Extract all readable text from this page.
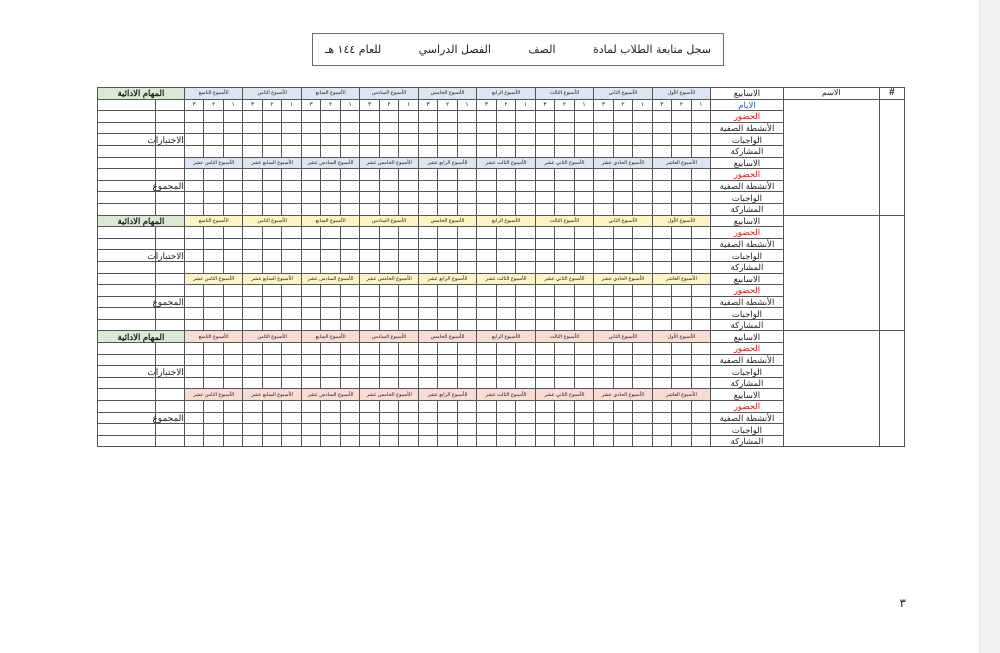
سجل متابعة الطلاب لمادة
الصف
الفصل الدراسي
للعام ١٤٤ هـ
#	الاسم	الاسابيع	الأسبوع الأول			الأسبوع الثاني			الأسبوع الثالث			الأسبوع الرابع			الأسبوع الخامس			الأسبوع السادس			الأسبوع السابع			الأسبوع الثامن			الأسبوع التاسع			المهام الادائية	
		الايام	١	٢	٣	١	٢	٣	١	٢	٣	١	٢	٣	١	٢	٣	١	٢	٣	١	٢	٣	١	٢	٣	١	٢	٣		
		الحضور																													
		الأنشطة الصفية																													
		الواجبات																												الاختبارات	
		المشاركة																													
		الاسابيع	الأسبوع العاشر			الأسبوع الحادي عشر			الأسبوع الثاني عشر			الأسبوع الثالث عشر			الأسبوع الرابع عشر			الأسبوع الخامس عشر			الأسبوع السادس عشر			الأسبوع السابع عشر			الأسبوع الثامن عشر				
		الحضور																													
		الأنشطة الصفية																												المجموع	
		الواجبات																													
		المشاركة																													
		الاسابيع	الأسبوع الأول			الأسبوع الثاني			الأسبوع الثالث			الأسبوع الرابع			الأسبوع الخامس			الأسبوع السادس			الأسبوع السابع			الأسبوع الثامن			الأسبوع التاسع			المهام الادائية	
		الحضور																													
		الأنشطة الصفية																													
		الواجبات																												الاختبارات	
		المشاركة																													
		الاسابيع	الأسبوع العاشر			الأسبوع الحادي عشر			الأسبوع الثاني عشر			الأسبوع الثالث عشر			الأسبوع الرابع عشر			الأسبوع الخامس عشر			الأسبوع السادس عشر			الأسبوع السابع عشر			الأسبوع الثامن عشر				
		الحضور																													
		الأنشطة الصفية																												المجموع	
		الواجبات																													
		المشاركة																													
		الاسابيع	الأسبوع الأول			الأسبوع الثاني			الأسبوع الثالث			الأسبوع الرابع			الأسبوع الخامس			الأسبوع السادس			الأسبوع السابع			الأسبوع الثامن			الأسبوع التاسع			المهام الادائية	
		الحضور																													
		الأنشطة الصفية																													
		الواجبات																												الاختبارات	
		المشاركة																													
		الاسابيع	الأسبوع العاشر			الأسبوع الحادي عشر			الأسبوع الثاني عشر			الأسبوع الثالث عشر			الأسبوع الرابع عشر			الأسبوع الخامس عشر			الأسبوع السادس عشر			الأسبوع السابع عشر			الأسبوع الثامن عشر				
		الحضور																													
		الأنشطة الصفية																												المجموع	
		الواجبات																													
		المشاركة																													
٣
